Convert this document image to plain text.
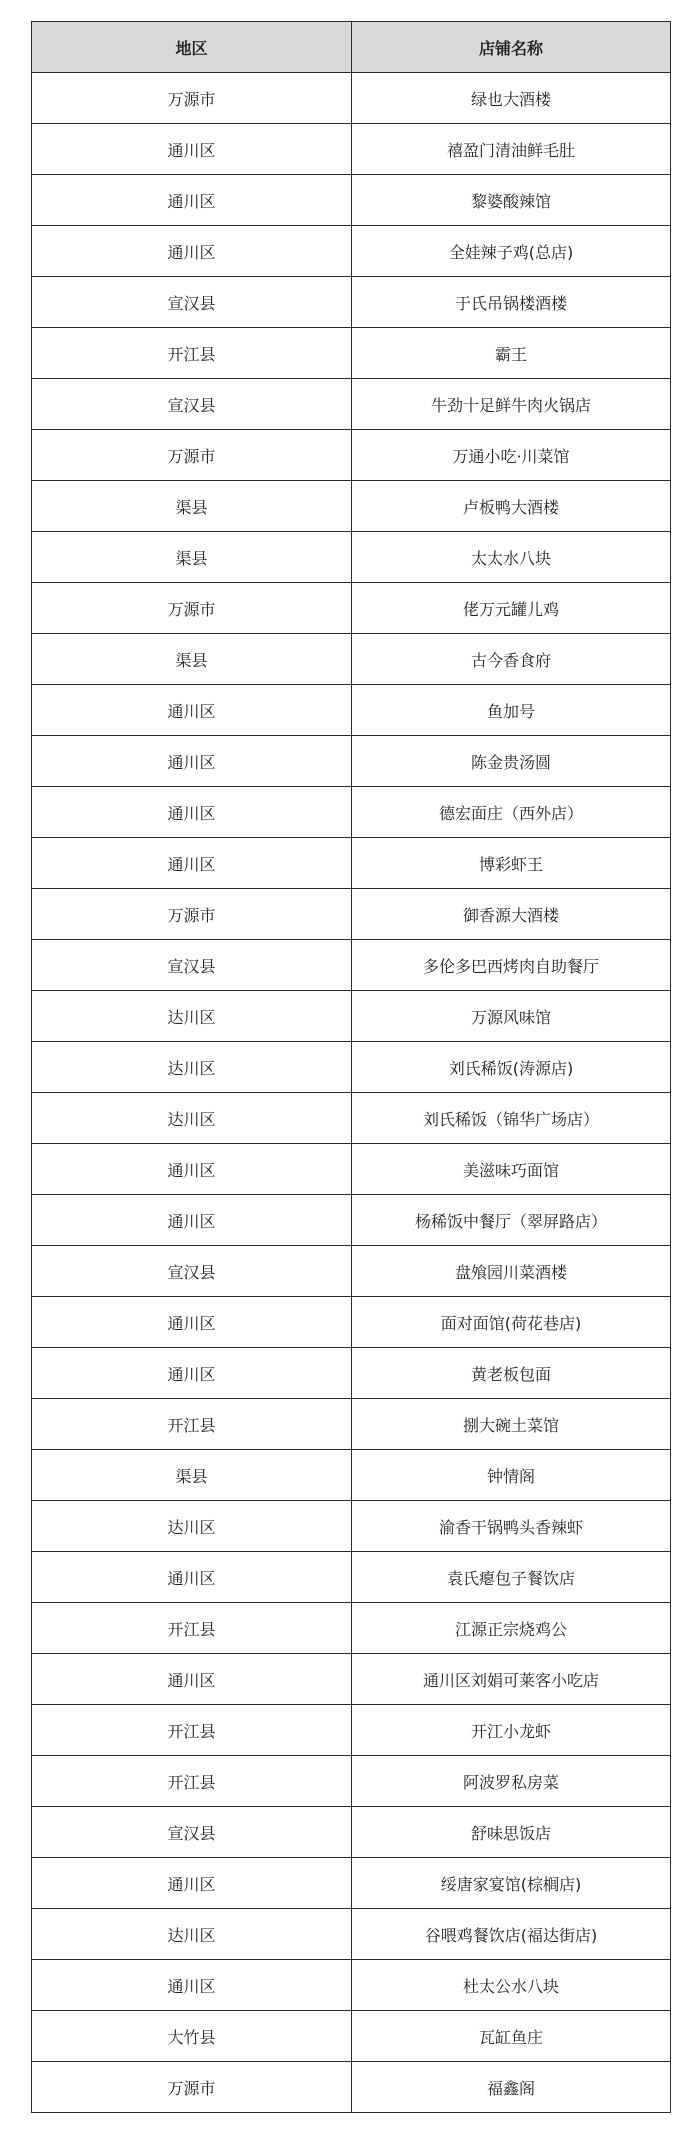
地区	店铺名称
万源市	绿也大酒楼
通川区	禧盈门清油鲜毛肚
通川区	黎婆酸辣馆
通川区	全娃辣子鸡(总店)
宣汉县	于氏吊锅楼酒楼
开江县	霸王
宣汉县	牛劲十足鲜牛肉火锅店
万源市	万通小吃·川菜馆
渠县	卢板鸭大酒楼
渠县	太太水八块
万源市	佬万元罐儿鸡
渠县	古今香食府
通川区	鱼加号
通川区	陈金贵汤圆
通川区	德宏面庄（西外店）
通川区	博彩虾王
万源市	御香源大酒楼
宣汉县	多伦多巴西烤肉自助餐厅
达川区	万源风味馆
达川区	刘氏稀饭(涛源店)
达川区	刘氏稀饭（锦华广场店）
通川区	美滋味巧面馆
通川区	杨稀饭中餐厅（翠屏路店）
宣汉县	盘飧园川菜酒楼
通川区	面对面馆(荷花巷店)
通川区	黄老板包面
开江县	捌大碗土菜馆
渠县	钟情阁
达川区	渝香干锅鸭头香辣虾
通川区	袁氏瘪包子餐饮店
开江县	江源正宗烧鸡公
通川区	通川区刘娟可莱客小吃店
开江县	开江小龙虾
开江县	阿波罗私房菜
宣汉县	舒味思饭店
通川区	绥唐家宴馆(棕榈店)
达川区	谷喂鸡餐饮店(福达街店)
通川区	杜太公水八块
大竹县	瓦缸鱼庄
万源市	福鑫阁
